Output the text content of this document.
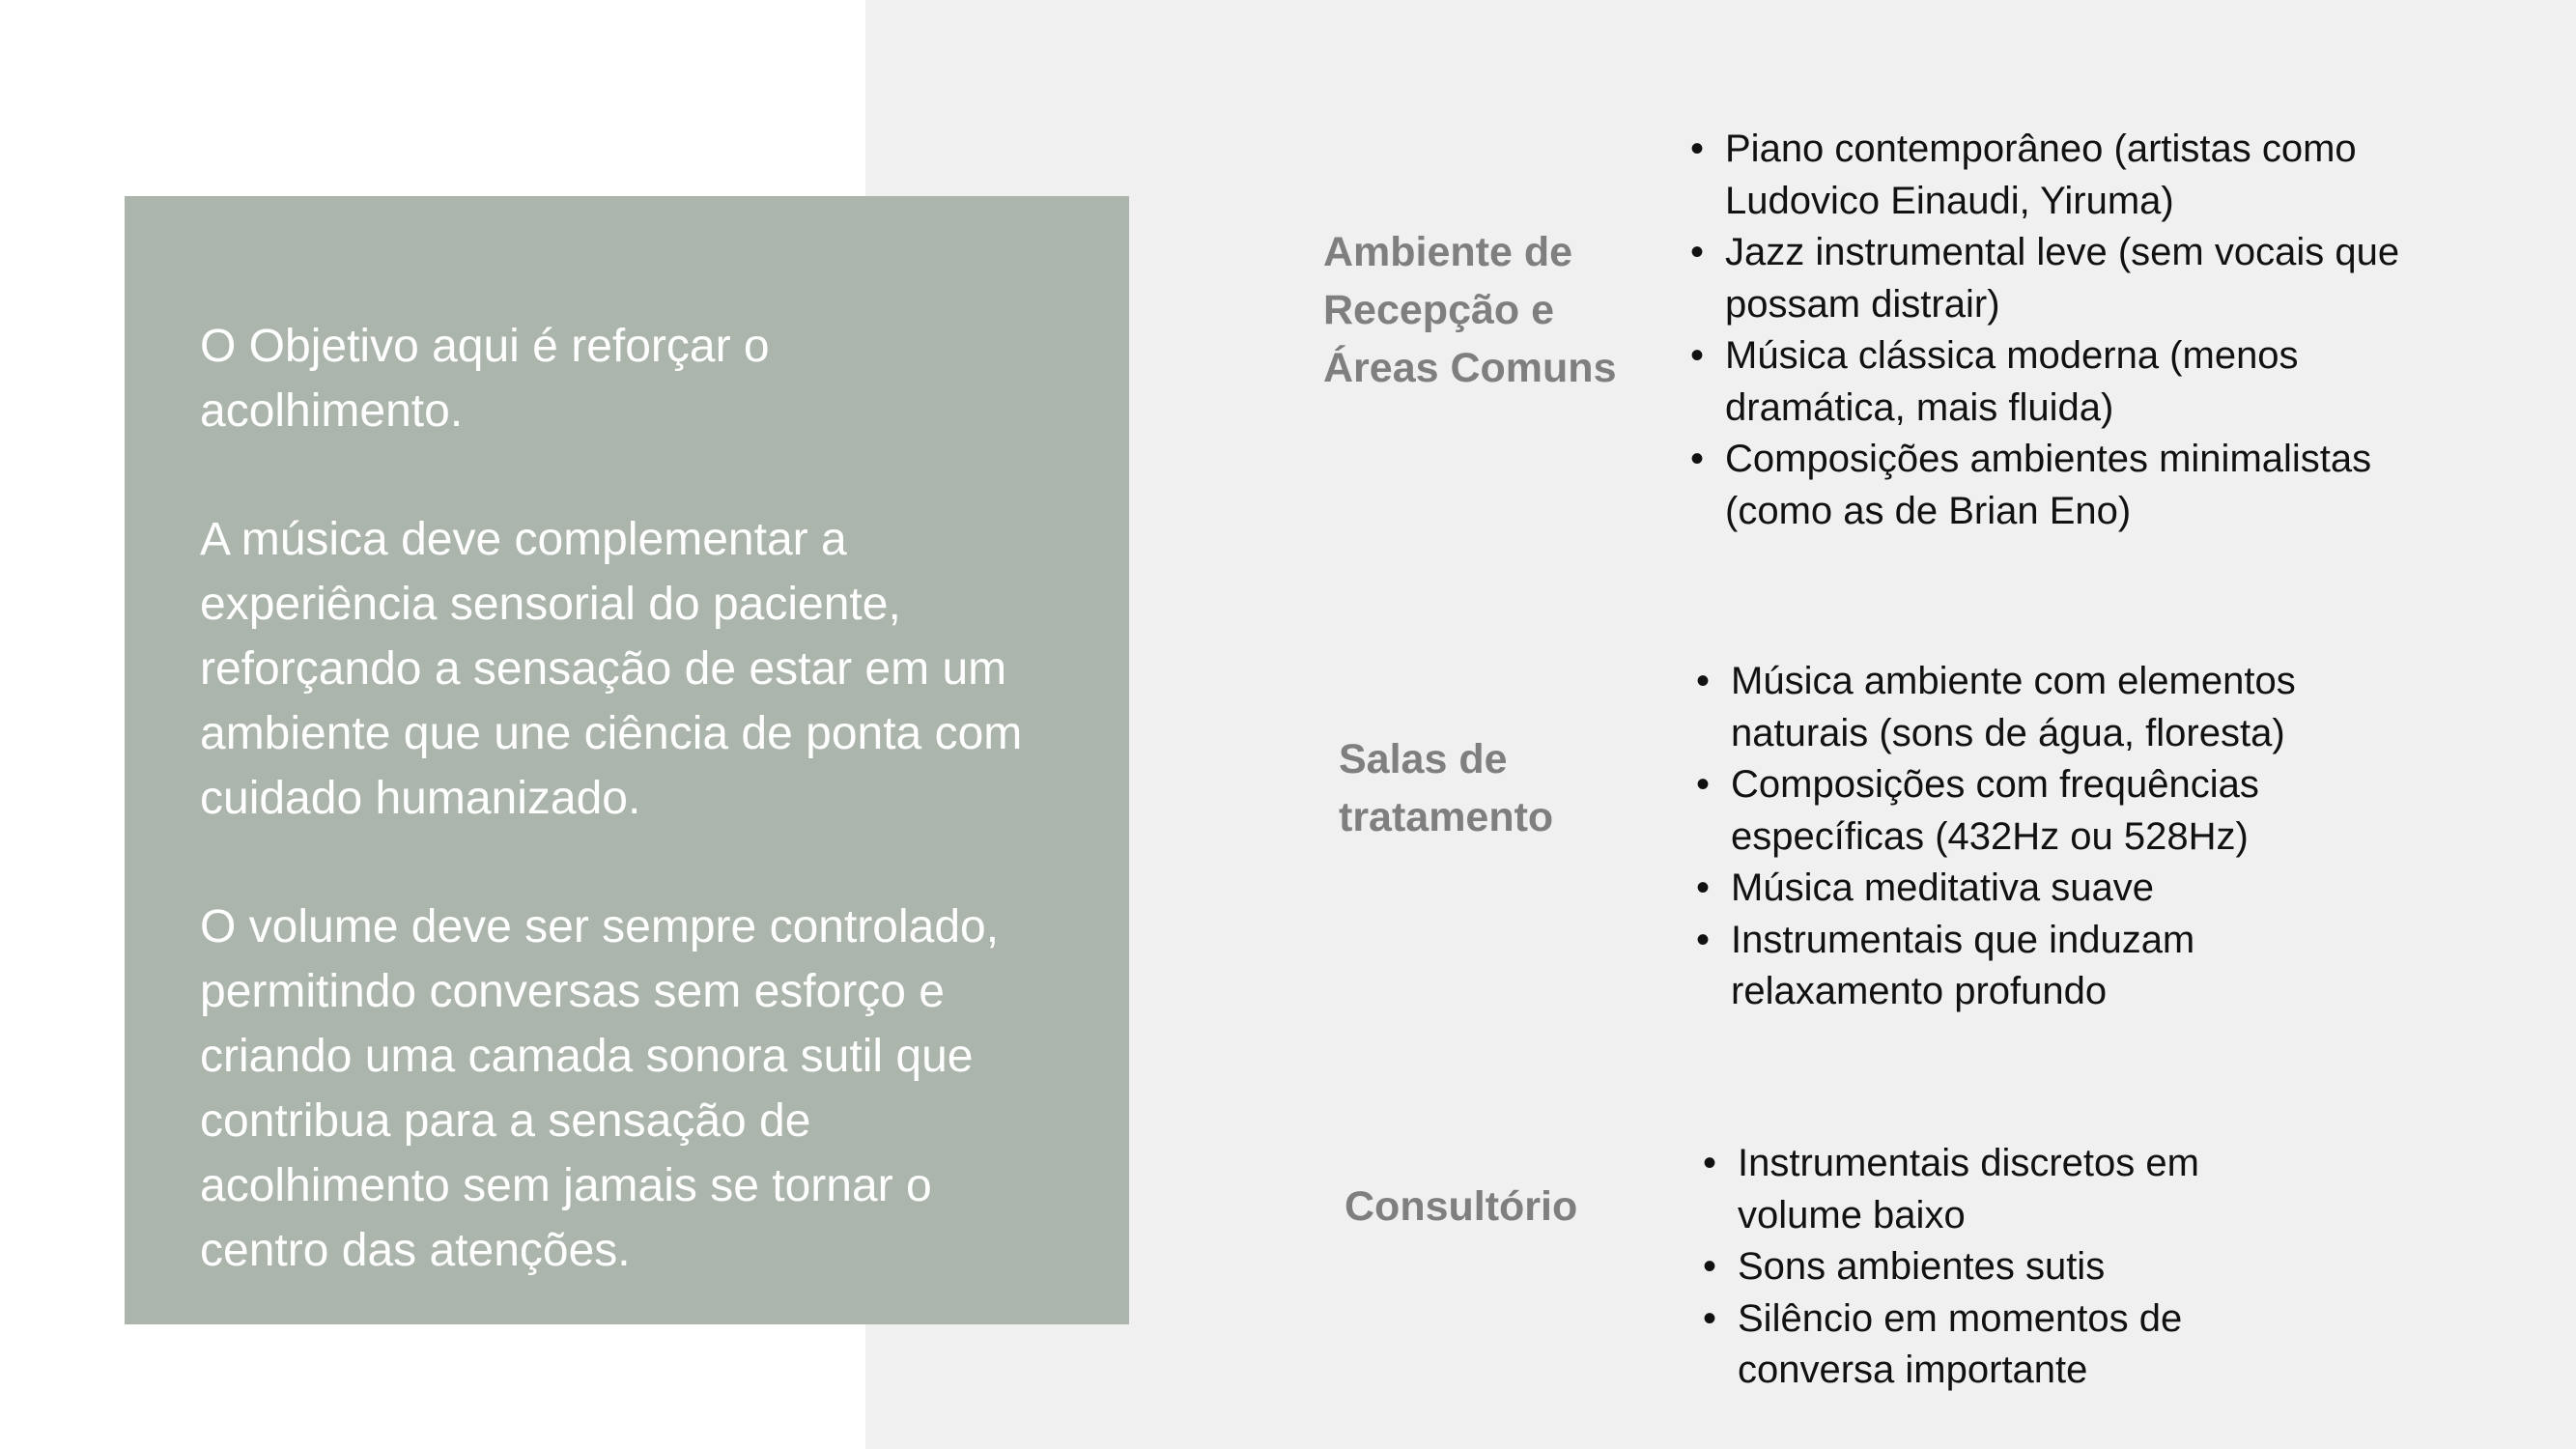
O Objetivo aqui é reforçar o acolhimento.

A música deve complementar a experiência sensorial do paciente, reforçando a sensação de estar em um ambiente que une ciência de ponta com cuidado humanizado.

O volume deve ser sempre controlado, permitindo conversas sem esforço e criando uma camada sonora sutil que contribua para a sensação de acolhimento sem jamais se tornar o centro das atenções.

Ambiente de Recepção e Áreas Comuns
• Piano contemporâneo (artistas como Ludovico Einaudi, Yiruma)
• Jazz instrumental leve (sem vocais que possam distrair)
• Música clássica moderna (menos dramática, mais fluida)
• Composições ambientes minimalistas (como as de Brian Eno)
Salas de tratamento
• Música ambiente com elementos naturais (sons de água, floresta)
• Composições com frequências específicas (432Hz ou 528Hz)
• Música meditativa suave
• Instrumentais que induzam relaxamento profundo
Consultório
• Instrumentais discretos em volume baixo
• Sons ambientes sutis
• Silêncio em momentos de conversa importante
